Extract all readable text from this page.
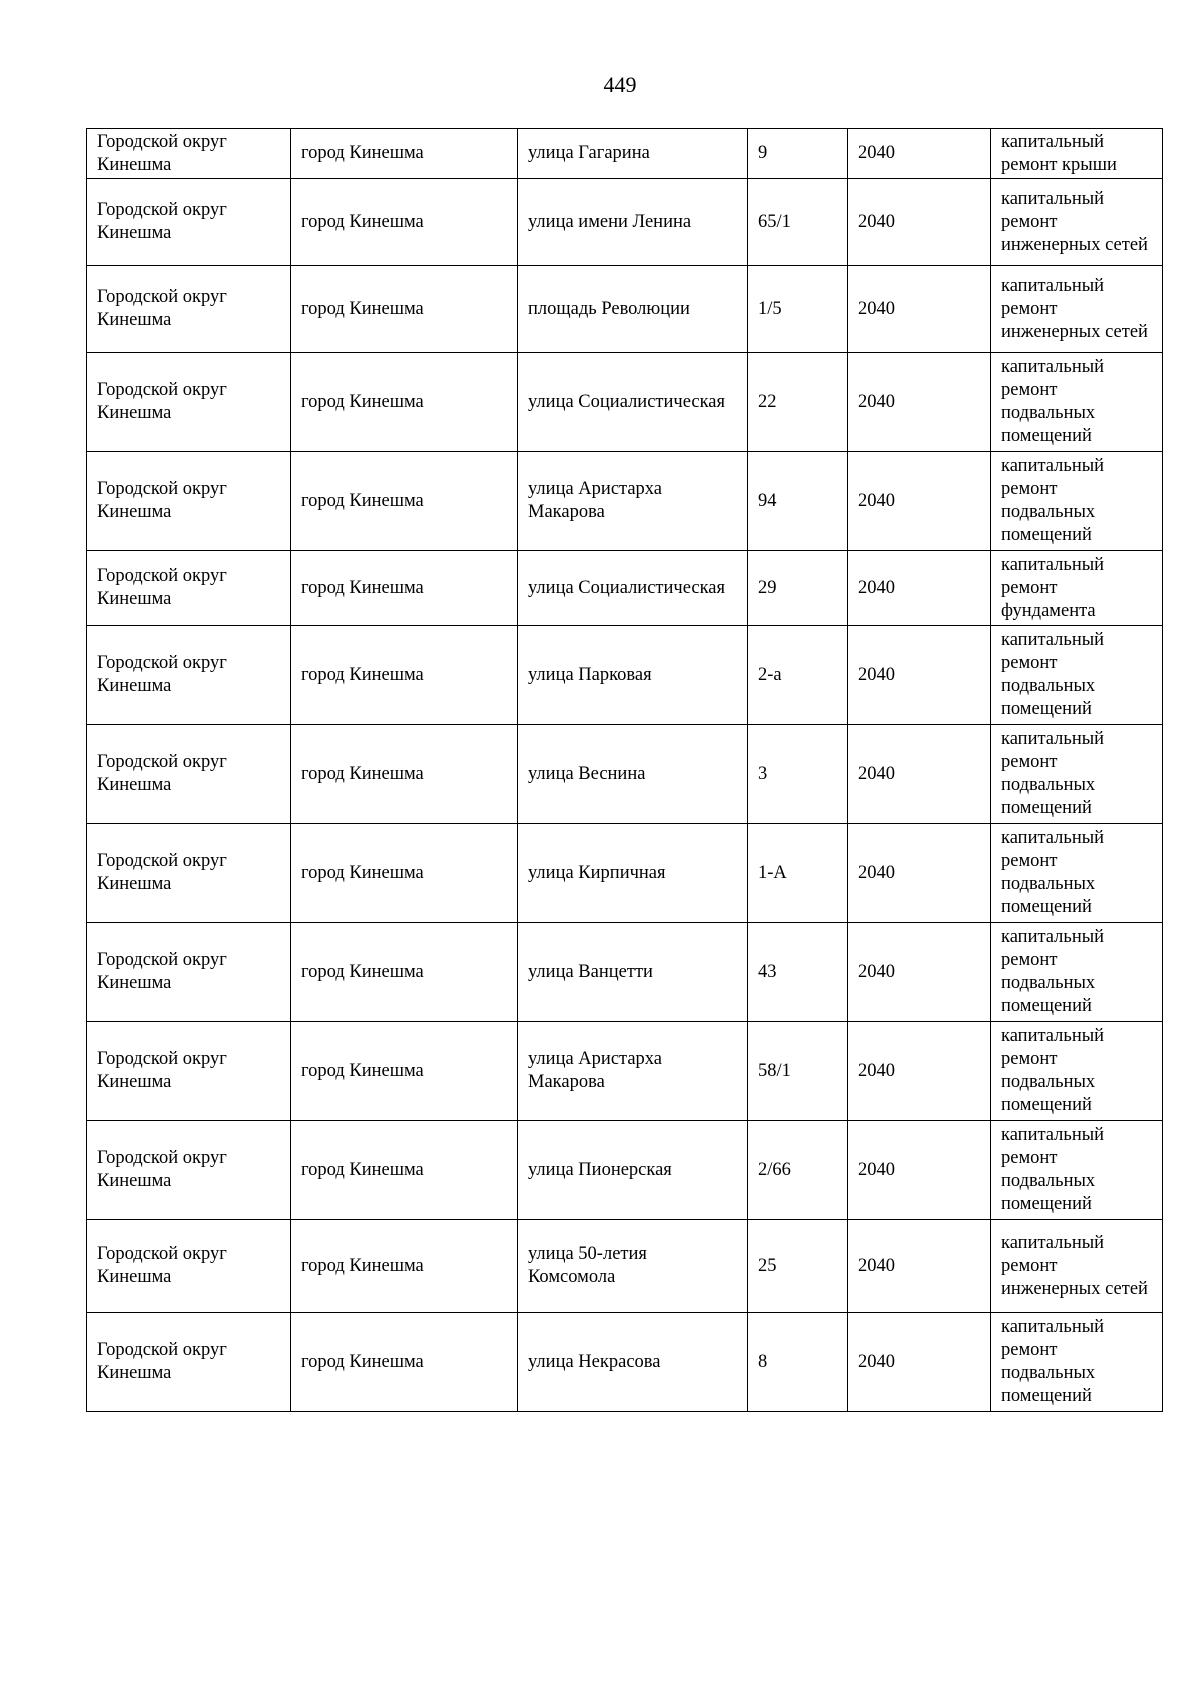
449
Городской округ Кинешма	город Кинешма	улица Гагарина	9	2040	капитальный ремонт крыши
Городской округ Кинешма	город Кинешма	улица имени Ленина	65/1	2040	капитальный ремонт инженерных сетей
Городской округ Кинешма	город Кинешма	площадь Революции	1/5	2040	капитальный ремонт инженерных сетей
Городской округ Кинешма	город Кинешма	улица Социалистическая	22	2040	капитальный ремонт подвальных помещений
Городской округ Кинешма	город Кинешма	улица Аристарха Макарова	94	2040	капитальный ремонт подвальных помещений
Городской округ Кинешма	город Кинешма	улица Социалистическая	29	2040	капитальный ремонт фундамента
Городской округ Кинешма	город Кинешма	улица Парковая	2-а	2040	капитальный ремонт подвальных помещений
Городской округ Кинешма	город Кинешма	улица Веснина	3	2040	капитальный ремонт подвальных помещений
Городской округ Кинешма	город Кинешма	улица Кирпичная	1-А	2040	капитальный ремонт подвальных помещений
Городской округ Кинешма	город Кинешма	улица Ванцетти	43	2040	капитальный ремонт подвальных помещений
Городской округ Кинешма	город Кинешма	улица Аристарха Макарова	58/1	2040	капитальный ремонт подвальных помещений
Городской округ Кинешма	город Кинешма	улица Пионерская	2/66	2040	капитальный ремонт подвальных помещений
Городской округ Кинешма	город Кинешма	улица 50-летия Комсомола	25	2040	капитальный ремонт инженерных сетей
Городской округ Кинешма	город Кинешма	улица Некрасова	8	2040	капитальный ремонт подвальных помещений
